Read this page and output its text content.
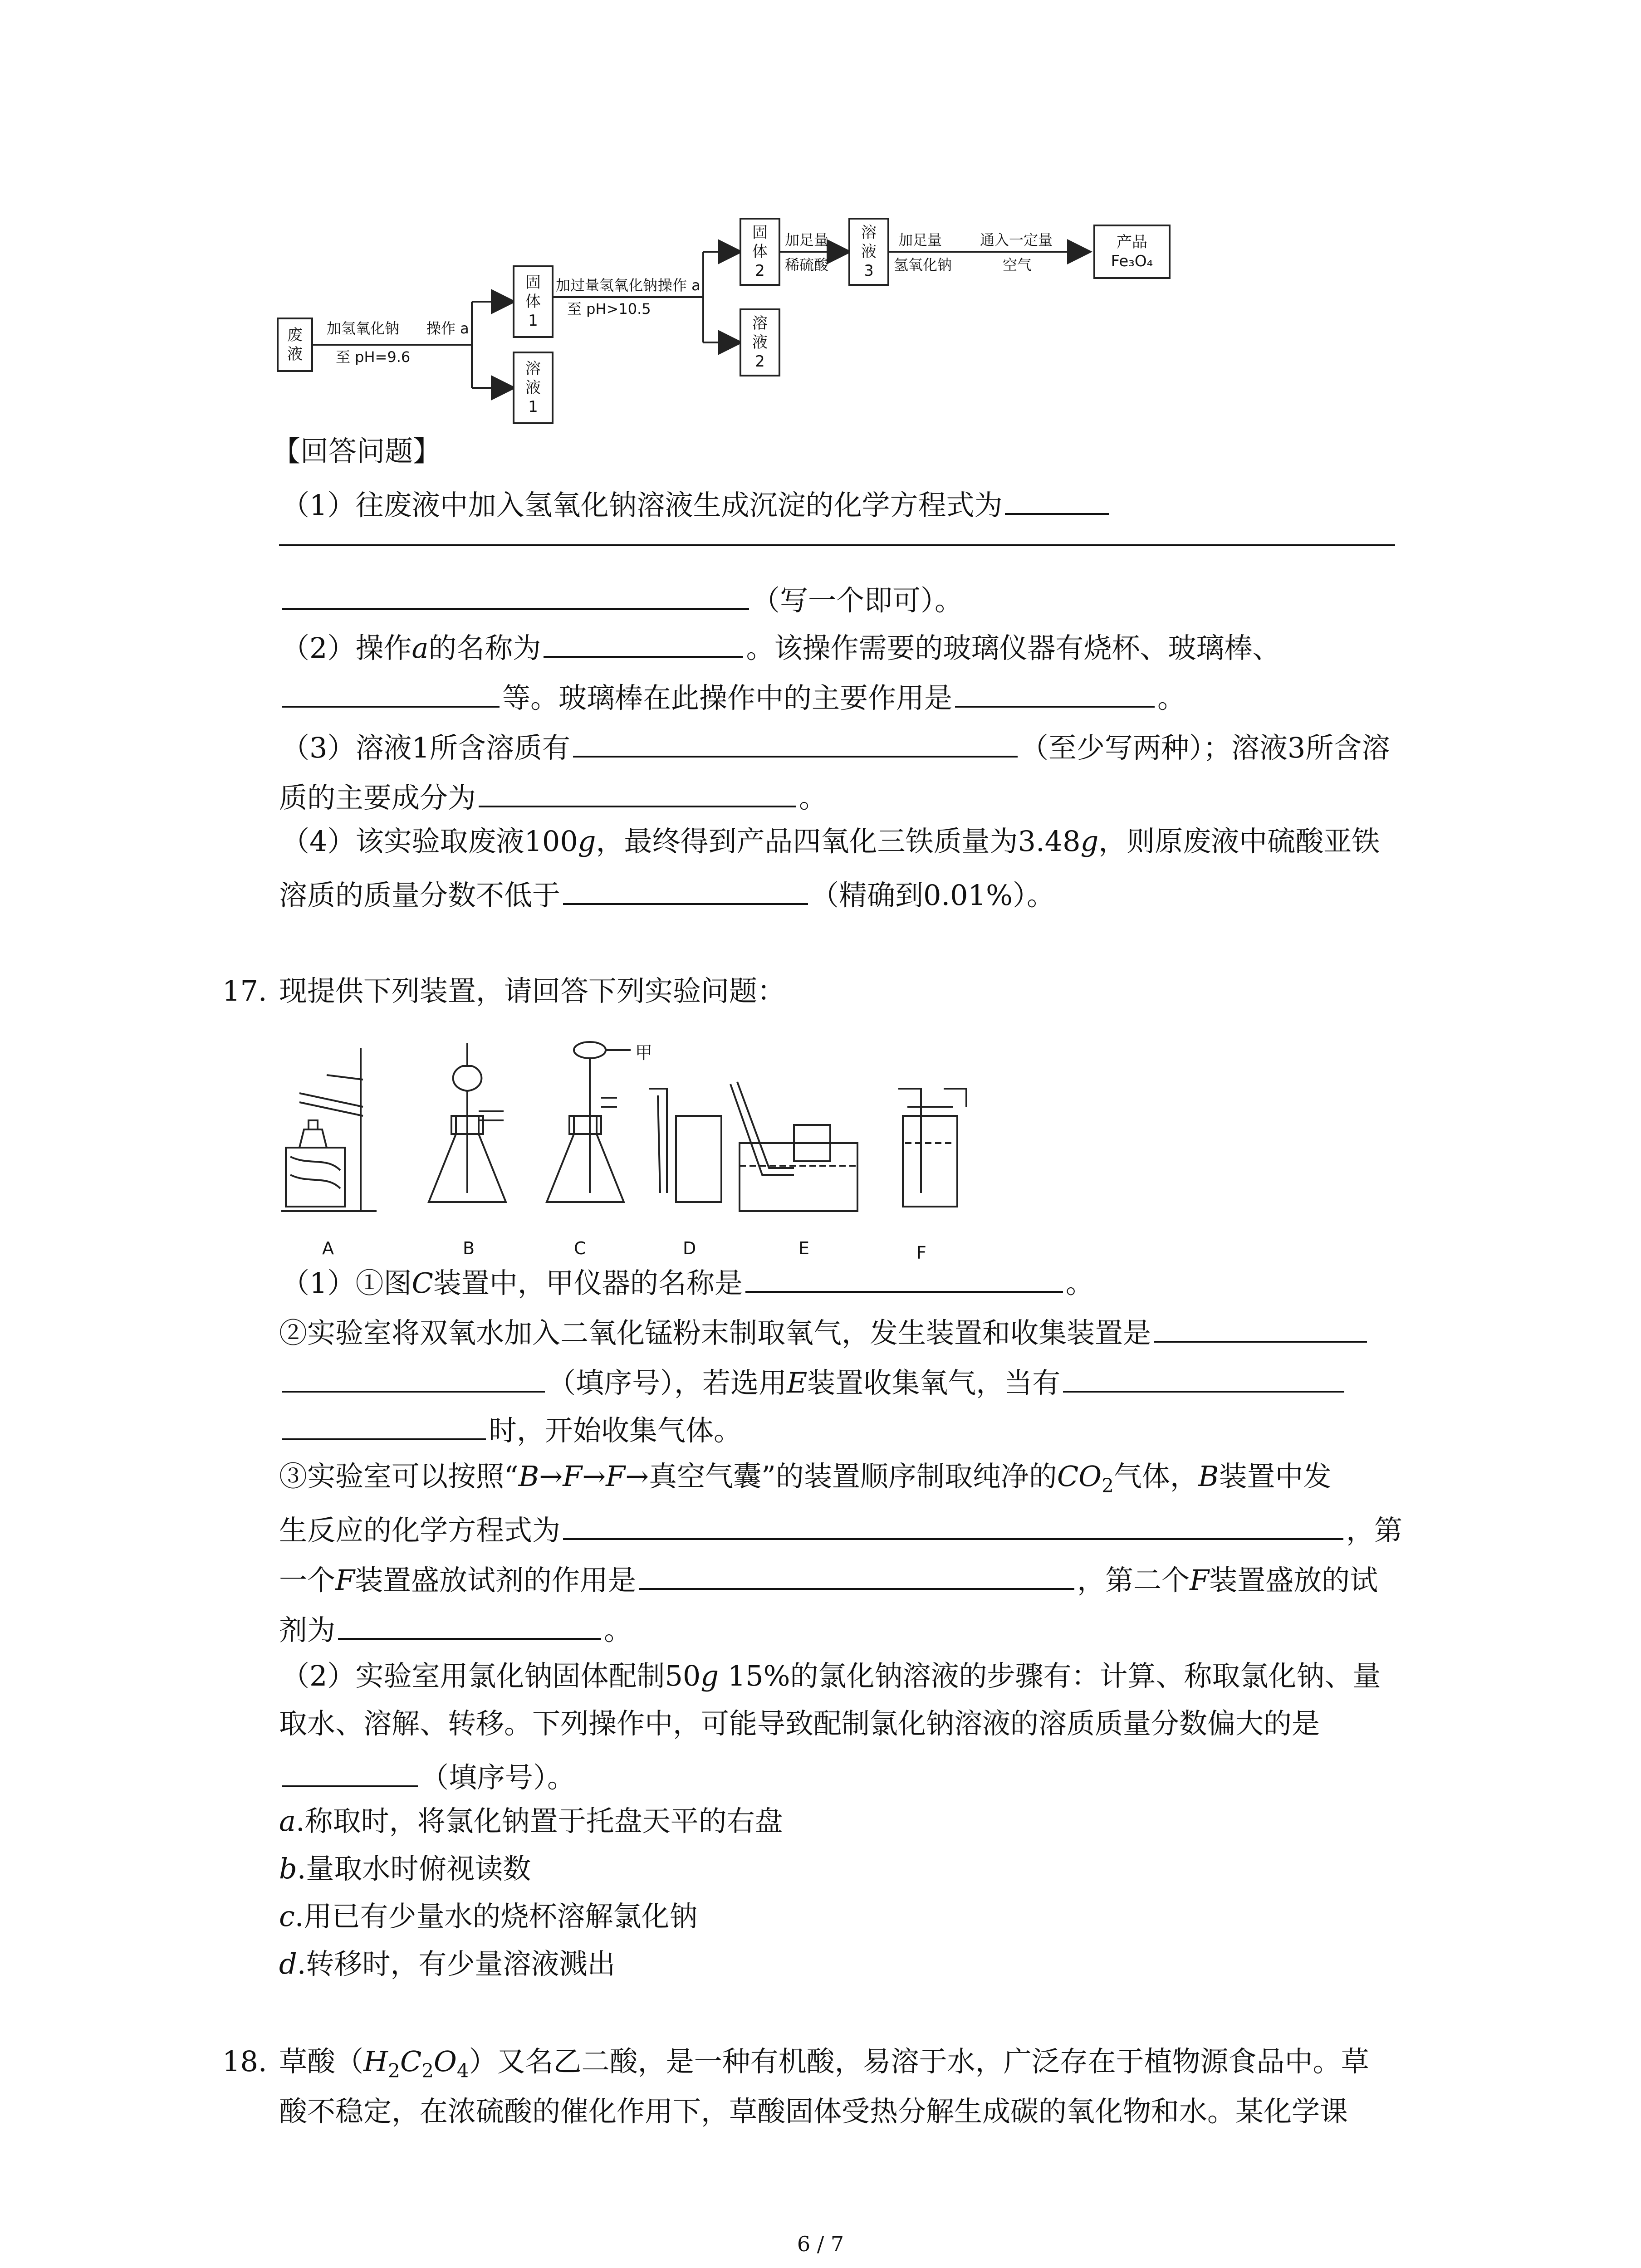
废
液
加氢氧化钠
至 pH=9.6
操作 a
固
体
1
溶
液
1
加过量氢氧化钠
至 pH>10.5
操作 a
固
体
2
溶
液
2
加足量
稀硫酸
溶
液
3
加足量
氢氧化钠
通入一定量
空气
产品
Fe₃O₄
【回答问题】
（1）往废液中加入氢氧化钠溶液生成沉淀的化学方程式为
（写一个即可）。
（2）操作a的名称为	。该操作需要的玻璃仪器有烧杯、玻璃棒、
等。玻璃棒在此操作中的主要作用是	。
（3）溶液1所含溶质有	（至少写两种）；溶液3所含溶
质的主要成分为	。
（4）该实验取废液100g，最终得到产品四氧化三铁质量为3.48g，则原废液中硫酸亚铁
溶质的质量分数不低于	（精确到0.01%）。
17. 现提供下列装置，请回答下列实验问题：
甲
A	B	C	D	E	F
（1）①图C装置中，甲仪器的名称是	。
②实验室将双氧水加入二氧化锰粉末制取氧气，发生装置和收集装置是
（填序号），若选用E装置收集氧气，当有
时，开始收集气体。
③实验室可以按照“B→F→F→真空气囊”的装置顺序制取纯净的$CO_2$气体，B装置中发
生反应的化学方程式为	，第
一个F装置盛放试剂的作用是	，第二个F装置盛放的试
剂为	。
（2）实验室用氯化钠固体配制50g 15%的氯化钠溶液的步骤有：计算、称取氯化钠、量
取水、溶解、转移。下列操作中，可能导致配制氯化钠溶液的溶质质量分数偏大的是
（填序号）。
a.称取时，将氯化钠置于托盘天平的右盘
b.量取水时俯视读数
c.用已有少量水的烧杯溶解氯化钠
d.转移时，有少量溶液溅出
18. 草酸$(H_2C_2O_4)$又名乙二酸，是一种有机酸，易溶于水，广泛存在于植物源食品中。草
酸不稳定，在浓硫酸的催化作用下，草酸固体受热分解生成碳的氧化物和水。某化学课
6 / 7
